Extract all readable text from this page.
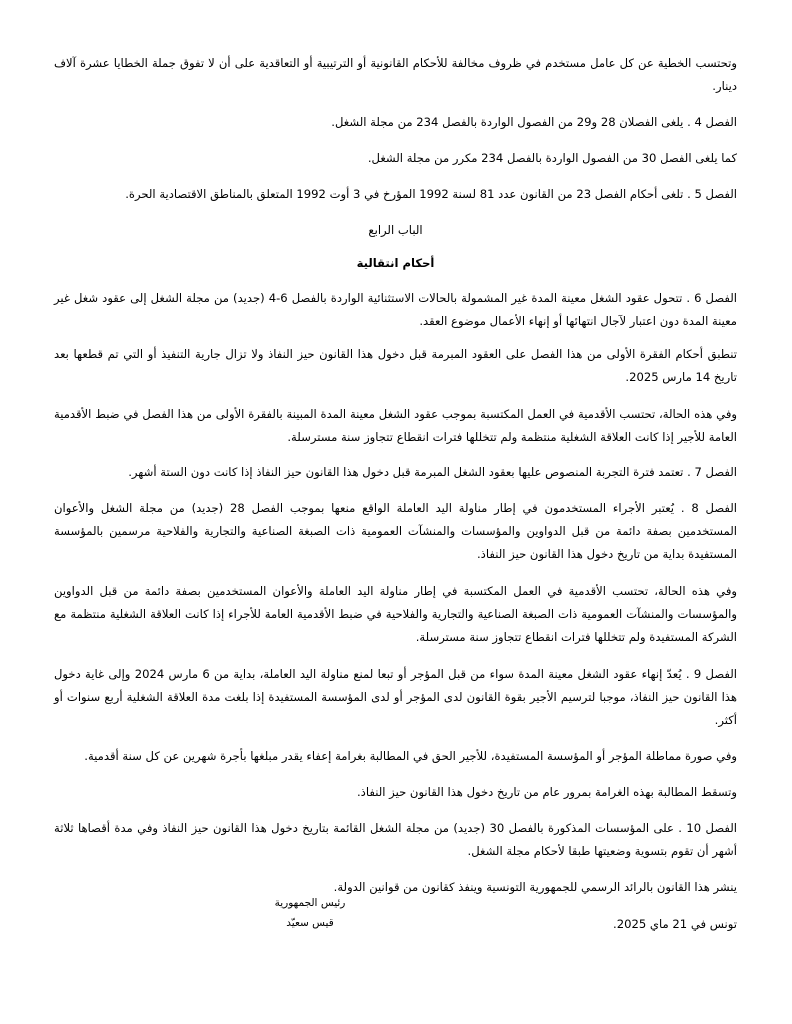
وتحتسب الخطية عن كل عامل مستخدم في ظروف مخالفة للأحكام القانونية أو الترتيبية أو التعاقدية على أن لا تفوق جملة الخطايا عشرة آلاف دينار.

الفصل 4 . يلغى الفصلان 28 و29 من الفصول الواردة بالفصل 234 من مجلة الشغل.

كما يلغى الفصل 30 من الفصول الواردة بالفصل 234 مكرر من مجلة الشغل.

الفصل 5 . تلغى أحكام الفصل 23 من القانون عدد 81 لسنة 1992 المؤرخ في 3 أوت 1992 المتعلق بالمناطق الاقتصادية الحرة.

الباب الرابع

أحكام انتقالية

الفصل 6 . تتحول عقود الشغل معينة المدة غير المشمولة بالحالات الاستثنائية الواردة بالفصل 6-4 (جديد) من مجلة الشغل إلى عقود شغل غير معينة المدة دون اعتبار لآجال انتهائها أو إنهاء الأعمال موضوع العقد.

تنطبق أحكام الفقرة الأولى من هذا الفصل على العقود المبرمة قبل دخول هذا القانون حيز النفاذ ولا تزال جارية التنفيذ أو التي تم قطعها بعد تاريخ 14 مارس 2025.

وفي هذه الحالة، تحتسب الأقدمية في العمل المكتسبة بموجب عقود الشغل معينة المدة المبينة بالفقرة الأولى من هذا الفصل في ضبط الأقدمية العامة للأجير إذا كانت العلاقة الشغلية منتظمة ولم تتخللها فترات انقطاع تتجاوز سنة مسترسلة.

الفصل 7 . تعتمد فترة التجربة المنصوص عليها بعقود الشغل المبرمة قبل دخول هذا القانون حيز النفاذ إذا كانت دون الستة أشهر.

الفصل 8 . يُعتبر الأجراء المستخدمون في إطار مناولة اليد العاملة الواقع منعها بموجب الفصل 28 (جديد) من مجلة الشغل والأعوان المستخدمين بصفة دائمة من قبل الدواوين والمؤسسات والمنشآت العمومية ذات الصبغة الصناعية والتجارية والفلاحية مرسمين بالمؤسسة المستفيدة بداية من تاريخ دخول هذا القانون حيز النفاذ.

وفي هذه الحالة، تحتسب الأقدمية في العمل المكتسبة في إطار مناولة اليد العاملة والأعوان المستخدمين بصفة دائمة من قبل الدواوين والمؤسسات والمنشآت العمومية ذات الصبغة الصناعية والتجارية والفلاحية في ضبط الأقدمية العامة للأجراء إذا كانت العلاقة الشغلية منتظمة مع الشركة المستفيدة ولم تتخللها فترات انقطاع تتجاوز سنة مسترسلة.

الفصل 9 . يُعدّ إنهاء عقود الشغل معينة المدة سواء من قبل المؤجر أو تبعا لمنع مناولة اليد العاملة، بداية من 6 مارس 2024 وإلى غاية دخول هذا القانون حيز النفاذ، موجبا لترسيم الأجير بقوة القانون لدى المؤجر أو لدى المؤسسة المستفيدة إذا بلغت مدة العلاقة الشغلية أربع سنوات أو أكثر.

وفي صورة مماطلة المؤجر أو المؤسسة المستفيدة، للأجير الحق في المطالبة بغرامة إعفاء يقدر مبلغها بأجرة شهرين عن كل سنة أقدمية.

وتسقط المطالبة بهذه الغرامة بمرور عام من تاريخ دخول هذا القانون حيز النفاذ.

الفصل 10 . على المؤسسات المذكورة بالفصل 30 (جديد) من مجلة الشغل القائمة بتاريخ دخول هذا القانون حيز النفاذ وفي مدة أقصاها ثلاثة أشهر أن تقوم بتسوية وضعيتها طبقا لأحكام مجلة الشغل.

ينشر هذا القانون بالرائد الرسمي للجمهورية التونسية وينفذ كقانون من قوانين الدولة.

تونس في 21 ماي 2025.

رئيس الجمهورية
قيس سعيّد
